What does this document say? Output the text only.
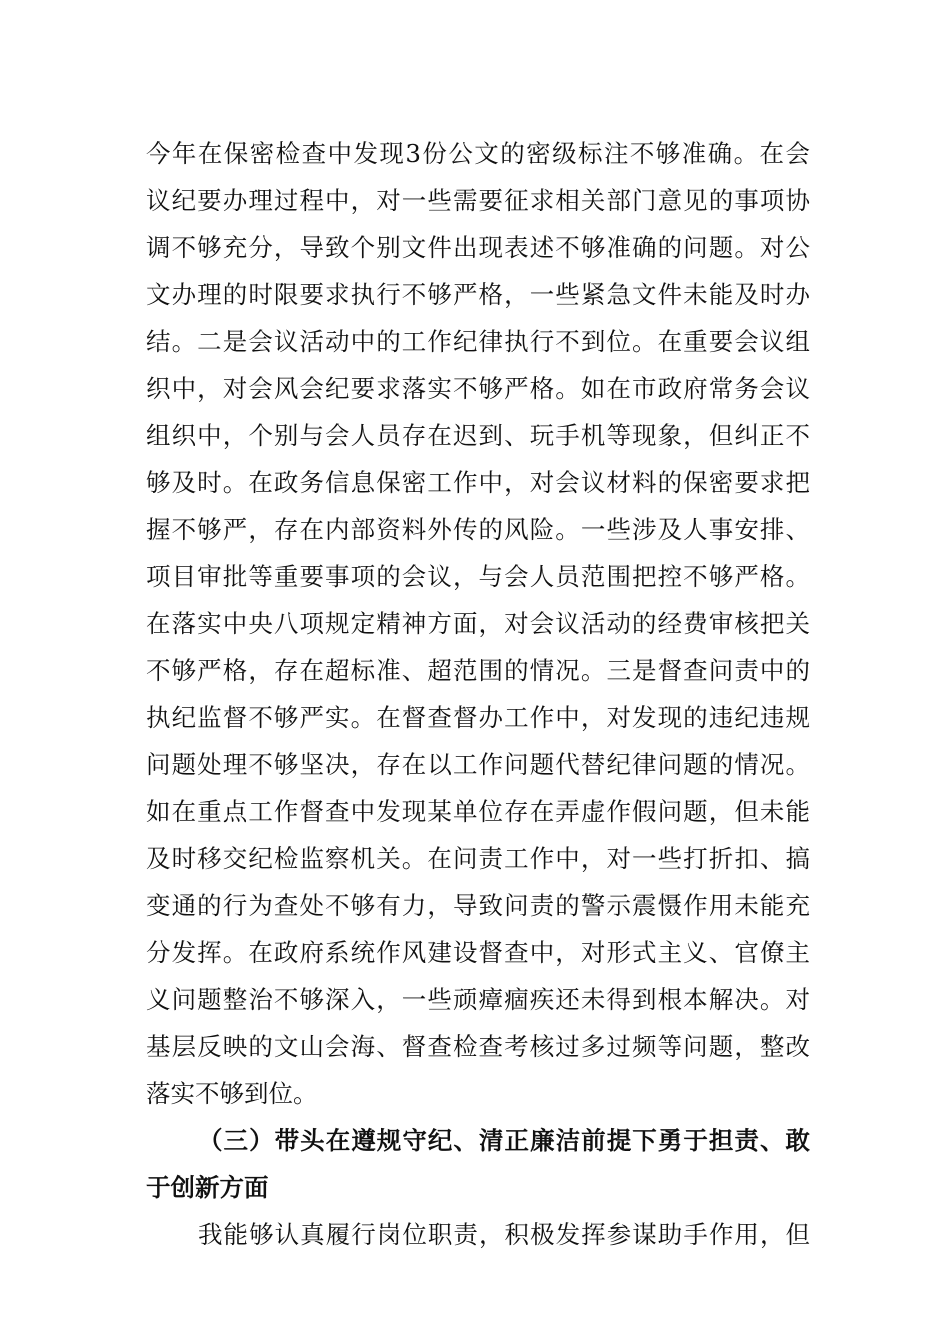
今年在保密检查中发现3份公文的密级标注不够准确。在会
议纪要办理过程中，对一些需要征求相关部门意见的事项协
调不够充分，导致个别文件出现表述不够准确的问题。对公
文办理的时限要求执行不够严格，一些紧急文件未能及时办
结。二是会议活动中的工作纪律执行不到位。在重要会议组
织中，对会风会纪要求落实不够严格。如在市政府常务会议
组织中，个别与会人员存在迟到、玩手机等现象，但纠正不
够及时。在政务信息保密工作中，对会议材料的保密要求把
握不够严，存在内部资料外传的风险。一些涉及人事安排、
项目审批等重要事项的会议，与会人员范围把控不够严格。
在落实中央八项规定精神方面，对会议活动的经费审核把关
不够严格，存在超标准、超范围的情况。三是督查问责中的
执纪监督不够严实。在督查督办工作中，对发现的违纪违规
问题处理不够坚决，存在以工作问题代替纪律问题的情况。
如在重点工作督查中发现某单位存在弄虚作假问题，但未能
及时移交纪检监察机关。在问责工作中，对一些打折扣、搞
变通的行为查处不够有力，导致问责的警示震慑作用未能充
分发挥。在政府系统作风建设督查中，对形式主义、官僚主
义问题整治不够深入，一些顽瘴痼疾还未得到根本解决。对
基层反映的文山会海、督查检查考核过多过频等问题，整改
落实不够到位。
（三）带头在遵规守纪、清正廉洁前提下勇于担责、敢
于创新方面
我能够认真履行岗位职责，积极发挥参谋助手作用，但
